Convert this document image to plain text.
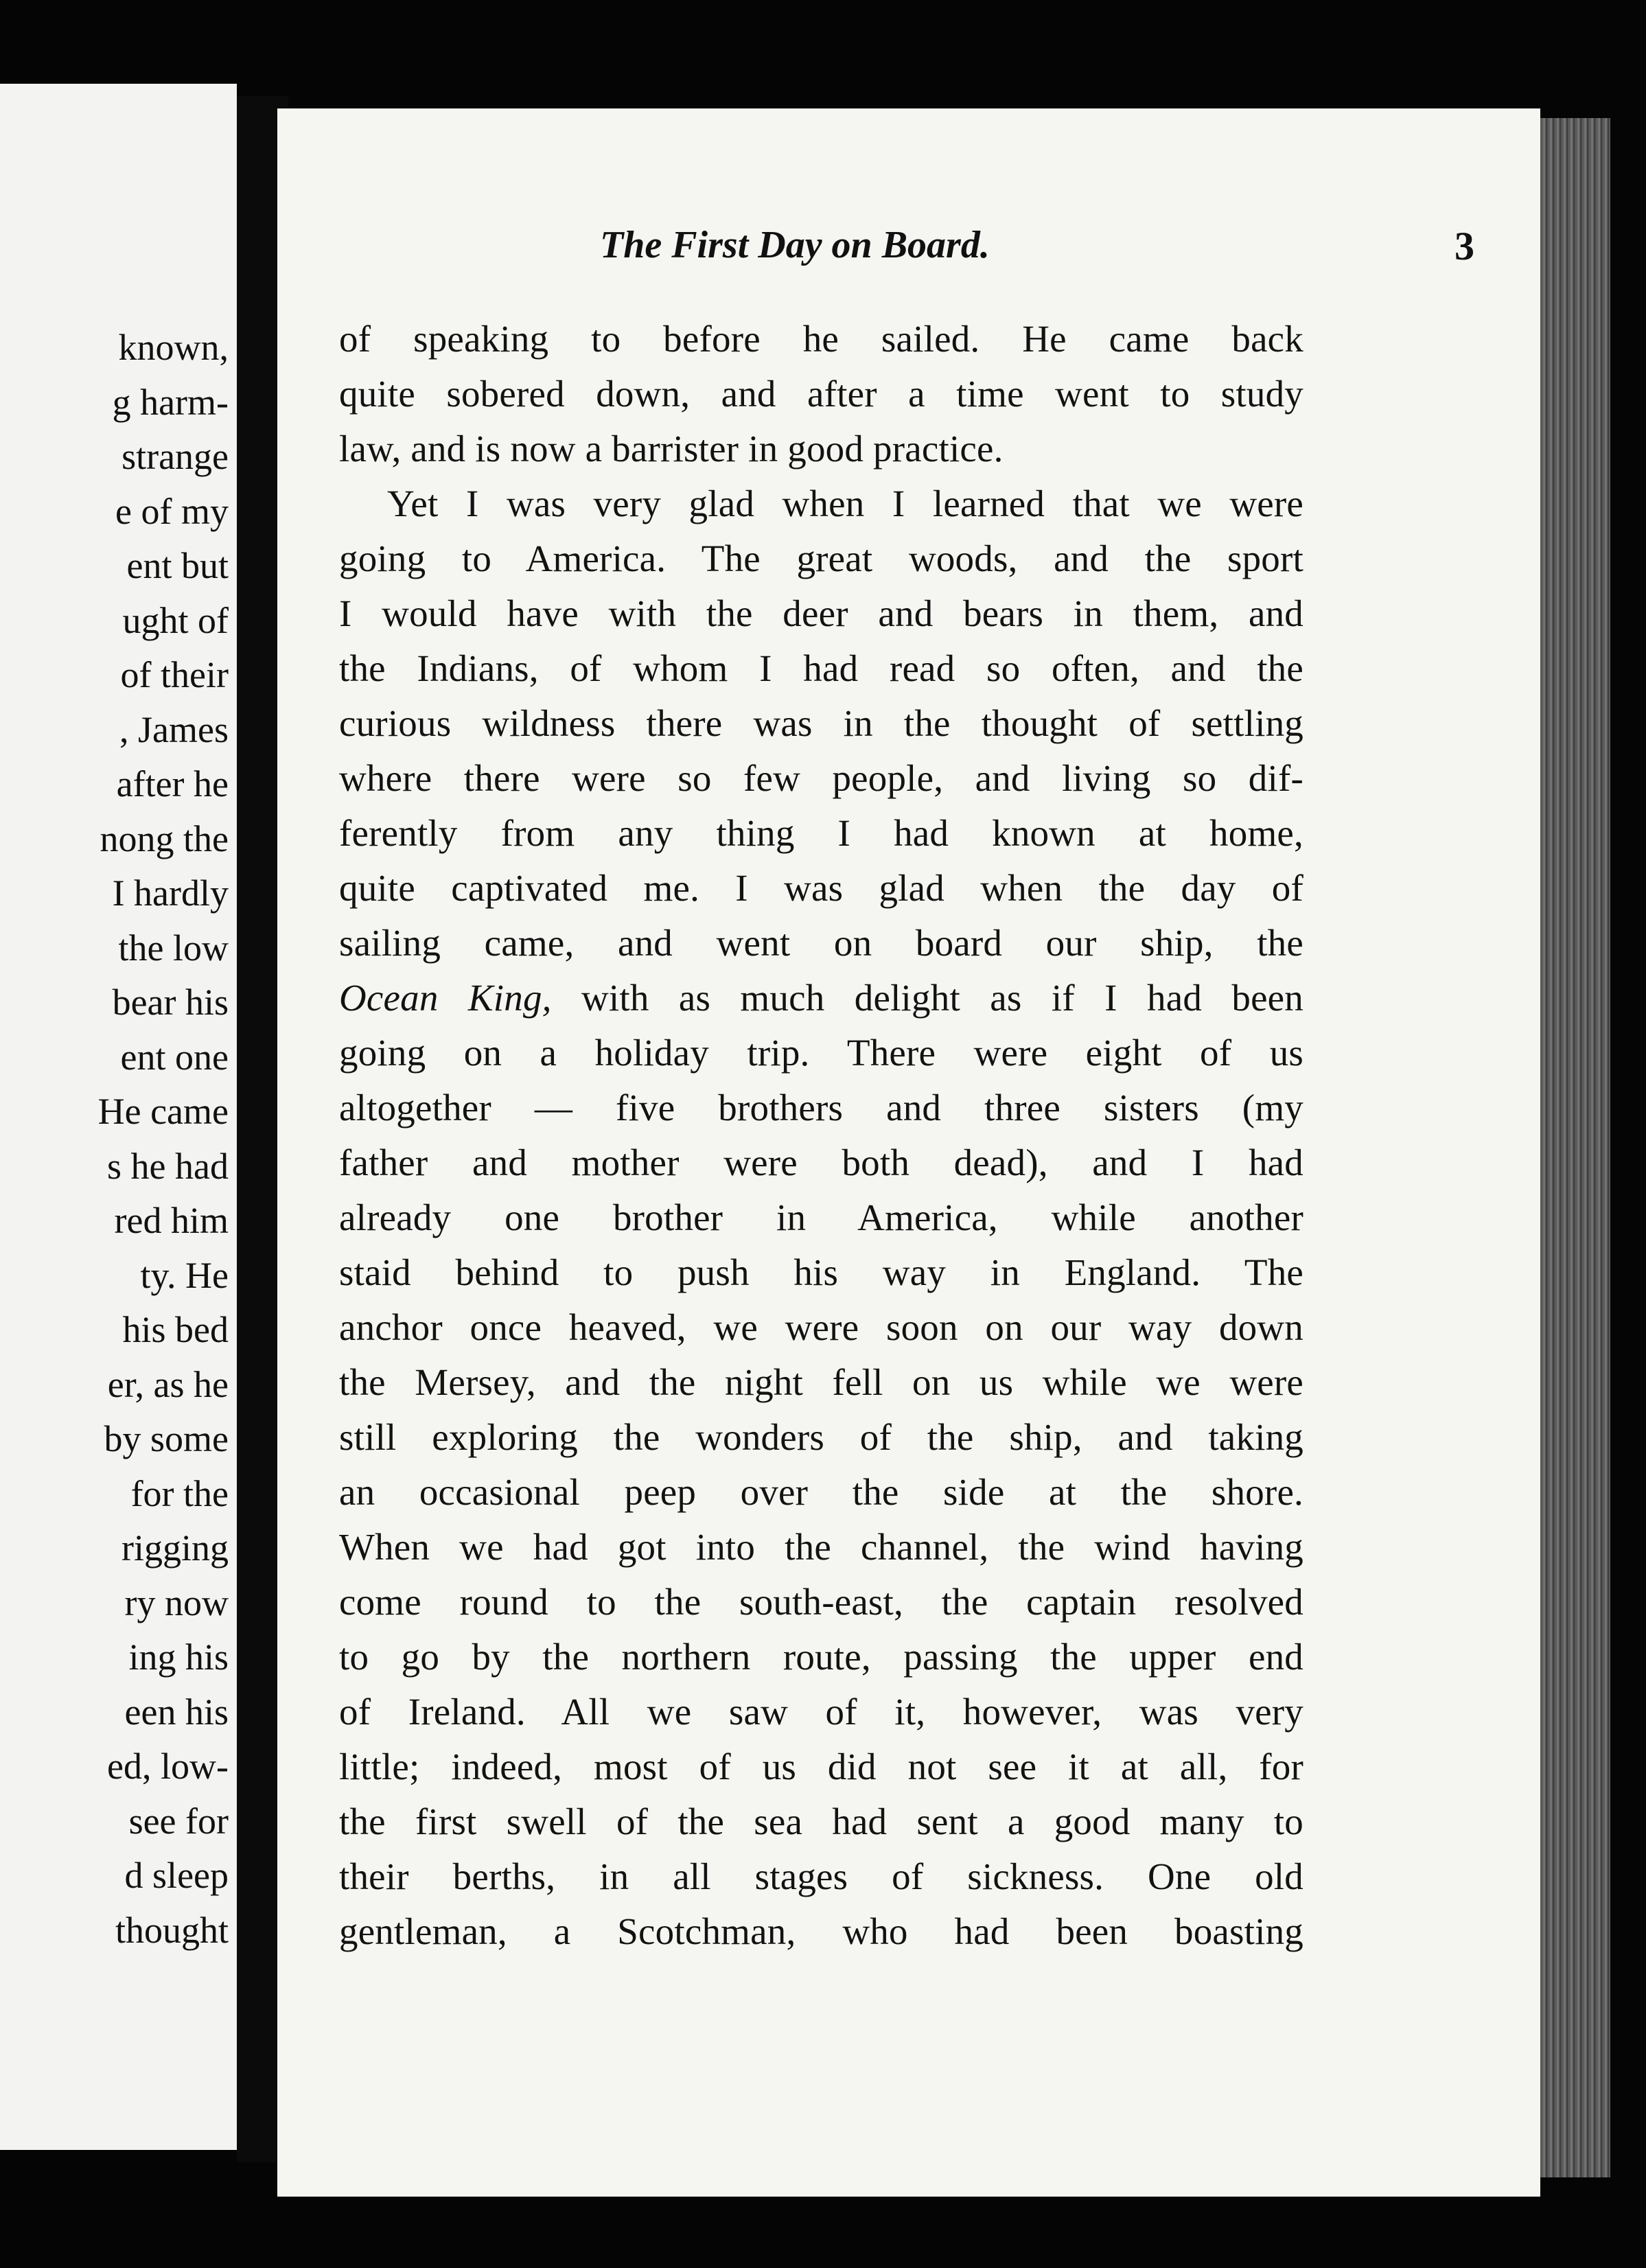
known,
g harm-
strange
e of my
ent but
ught of
of their
, James
after he
nong the
I hardly
the low
bear his
ent one
He came
s he had
red him
ty. He
his bed
er, as he
by some
for the
rigging
ry now
ing his
een his
ed, low-
see for
d sleep
thought
The First Day on Board.	3
of speaking to before he sailed. He came back
quite sobered down, and after a time went to study
law, and is now a barrister in good practice.
Yet I was very glad when I learned that we were
going to America. The great woods, and the sport
I would have with the deer and bears in them, and
the Indians, of whom I had read so often, and the
curious wildness there was in the thought of settling
where there were so few people, and living so dif-
ferently from any thing I had known at home,
quite captivated me. I was glad when the day of
sailing came, and went on board our ship, the
Ocean King, with as much delight as if I had been
going on a holiday trip. There were eight of us
altogether — five brothers and three sisters (my
father and mother were both dead), and I had
already one brother in America, while another
staid behind to push his way in England. The
anchor once heaved, we were soon on our way down
the Mersey, and the night fell on us while we were
still exploring the wonders of the ship, and taking
an occasional peep over the side at the shore.
When we had got into the channel, the wind having
come round to the south-east, the captain resolved
to go by the northern route, passing the upper end
of Ireland. All we saw of it, however, was very
little; indeed, most of us did not see it at all, for
the first swell of the sea had sent a good many to
their berths, in all stages of sickness. One old
gentleman, a Scotchman, who had been boasting
